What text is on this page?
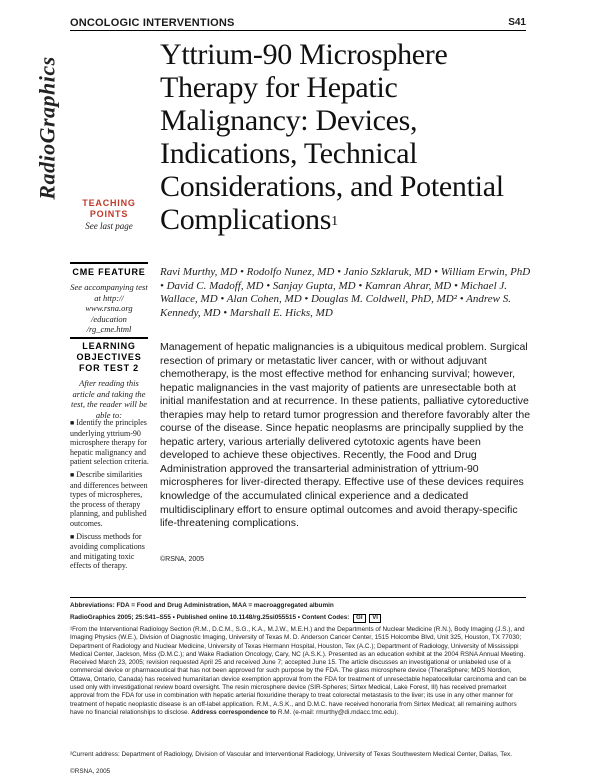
ONCOLOGIC INTERVENTIONS	S41
RadioGraphics
Yttrium-90 Microsphere Therapy for Hepatic Malignancy: Devices, Indications, Technical Considerations, and Potential Complications$^1$
TEACHING POINTS
See last page
CME FEATURE
See accompanying test at http:// www.rsna.org /education /rg_cme.html
LEARNING OBJECTIVES FOR TEST 2
After reading this article and taking the test, the reader will be able to:
■ Identify the principles underlying yttrium-90 microsphere therapy for hepatic malignancy and patient selection criteria.
■ Describe similarities and differences between types of microspheres, the process of therapy planning, and published outcomes.
■ Discuss methods for avoiding complications and mitigating toxic effects of therapy.
Ravi Murthy, MD • Rodolfo Nunez, MD • Janio Szklaruk, MD • William Erwin, PhD • David C. Madoff, MD • Sanjay Gupta, MD • Kamran Ahrar, MD • Michael J. Wallace, MD • Alan Cohen, MD • Douglas M. Coldwell, PhD, MD² • Andrew S. Kennedy, MD • Marshall E. Hicks, MD
Management of hepatic malignancies is a ubiquitous medical problem. Surgical resection of primary or metastatic liver cancer, with or without adjuvant chemotherapy, is the most effective method for enhancing survival; however, hepatic malignancies in the vast majority of patients are unresectable both at initial manifestation and at recurrence. In these patients, palliative cytoreductive therapies may help to retard tumor progression and therefore favorably alter the course of the disease. Since hepatic neoplasms are principally supplied by the hepatic artery, various arterially delivered cytotoxic agents have been developed to achieve these objectives. Recently, the Food and Drug Administration approved the transarterial administration of yttrium-90 microspheres for liver-directed therapy. Effective use of these devices requires knowledge of the accumulated clinical experience and a dedicated multidisciplinary effort to ensure optimal outcomes and avoid therapy-specific life-threatening complications.
©RSNA, 2005
Abbreviations: FDA = Food and Drug Administration, MAA = macroaggregated albumin
RadioGraphics 2005; 25:S41–S55 • Published online 10.1148/rg.25si055515 • Content Codes: GI VI
¹From the Interventional Radiology Section (R.M., D.C.M., S.G., K.A., M.J.W., M.E.H.) and the Departments of Nuclear Medicine (R.N.), Body Imaging (J.S.), and Imaging Physics (W.E.), Division of Diagnostic Imaging, University of Texas M. D. Anderson Cancer Center, 1515 Holcombe Blvd, Unit 325, Houston, TX 77030; Department of Radiology and Nuclear Medicine, University of Texas Hermann Hospital, Houston, Tex (A.C.); Department of Radiology, University of Mississippi Medical Center, Jackson, Miss (D.M.C.); and Wake Radiation Oncology, Cary, NC (A.S.K.). Presented as an education exhibit at the 2004 RSNA Annual Meeting. Received March 23, 2005; revision requested April 25 and received June 7; accepted June 15. The article discusses an investigational or unlabeled use of a commercial device or pharmaceutical that has not been approved for such purpose by the FDA. The glass microsphere device (TheraSphere; MDS Nordion, Ottawa, Ontario, Canada) has received humanitarian device exemption approval from the FDA for treatment of unresectable hepatocellular carcinoma and can be used only with investigational review board oversight. The resin microsphere device (SIR-Spheres; Sirtex Medical, Lake Forest, Ill) has received premarket approval from the FDA for use in combination with hepatic arterial floxuridine therapy to treat colorectal metastasis to the liver; its use in any other manner for treatment of hepatic neoplastic disease is an off-label application. R.M., A.S.K., and D.M.C. have received honoraria from Sirtex Medical; all remaining authors have no financial relationships to disclose. Address correspondence to R.M. (e-mail: rmurthy@di.mdacc.tmc.edu).
²Current address: Department of Radiology, Division of Vascular and Interventional Radiology, University of Texas Southwestern Medical Center, Dallas, Tex.
©RSNA, 2005
